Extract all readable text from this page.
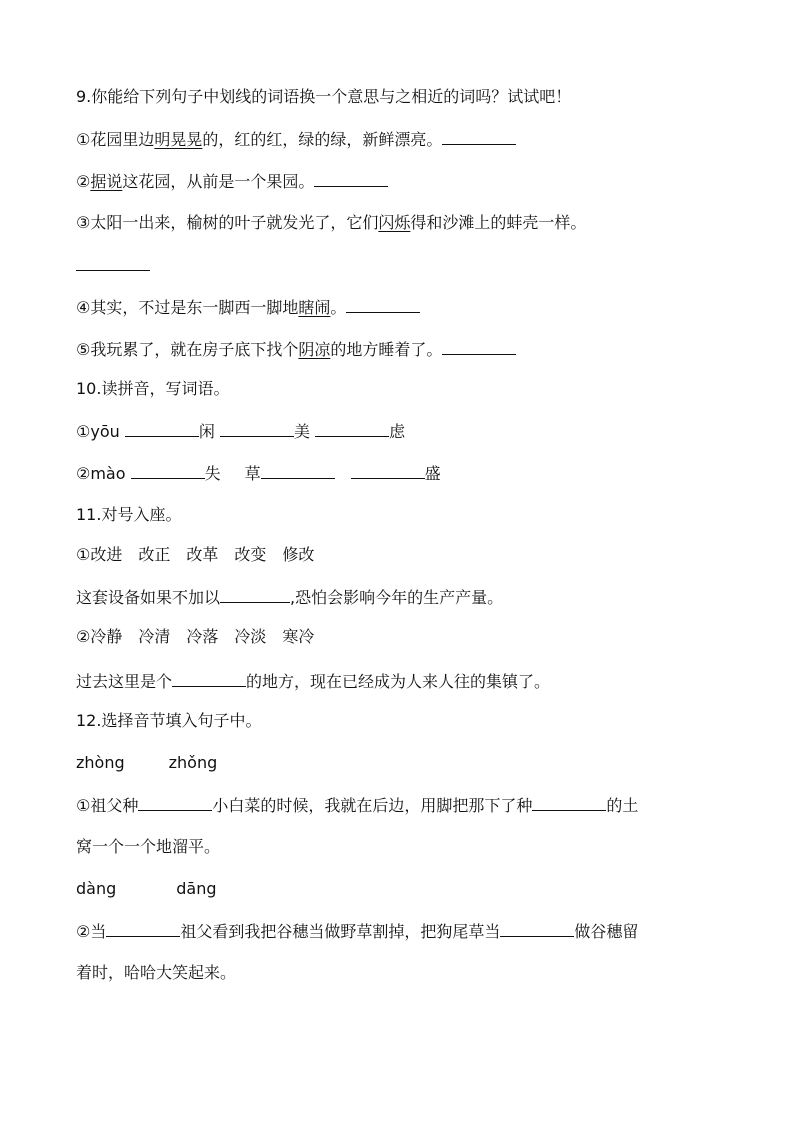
9.你能给下列句子中划线的词语换一个意思与之相近的词吗？试试吧！
①花园里边明晃晃的，红的红，绿的绿，新鲜漂亮。
②据说这花园，从前是一个果园。
③太阳一出来，榆树的叶子就发光了，它们闪烁得和沙滩上的蚌壳一样。
④其实，不过是东一脚西一脚地瞎闹。
⑤我玩累了，就在房子底下找个阴凉的地方睡着了。
10.读拼音，写词语。
①yōu	闲	美	虑
②mào	失 草	盛
11.对号入座。
①改进　改正　改革　改变　修改
这套设备如果不加以	,恐怕会影响今年的生产产量。
②冷静　冷清　冷落　冷淡　寒冷
过去这里是个	的地方，现在已经成为人来人往的集镇了。
12.选择音节填入句子中。
zhòng	zhǒng
①祖父种	小白菜的时候，我就在后边，用脚把那下了种	的土
窝一个一个地溜平。
dàng	dāng
②当	祖父看到我把谷穗当做野草割掉，把狗尾草当	做谷穗留
着时，哈哈大笑起来。
